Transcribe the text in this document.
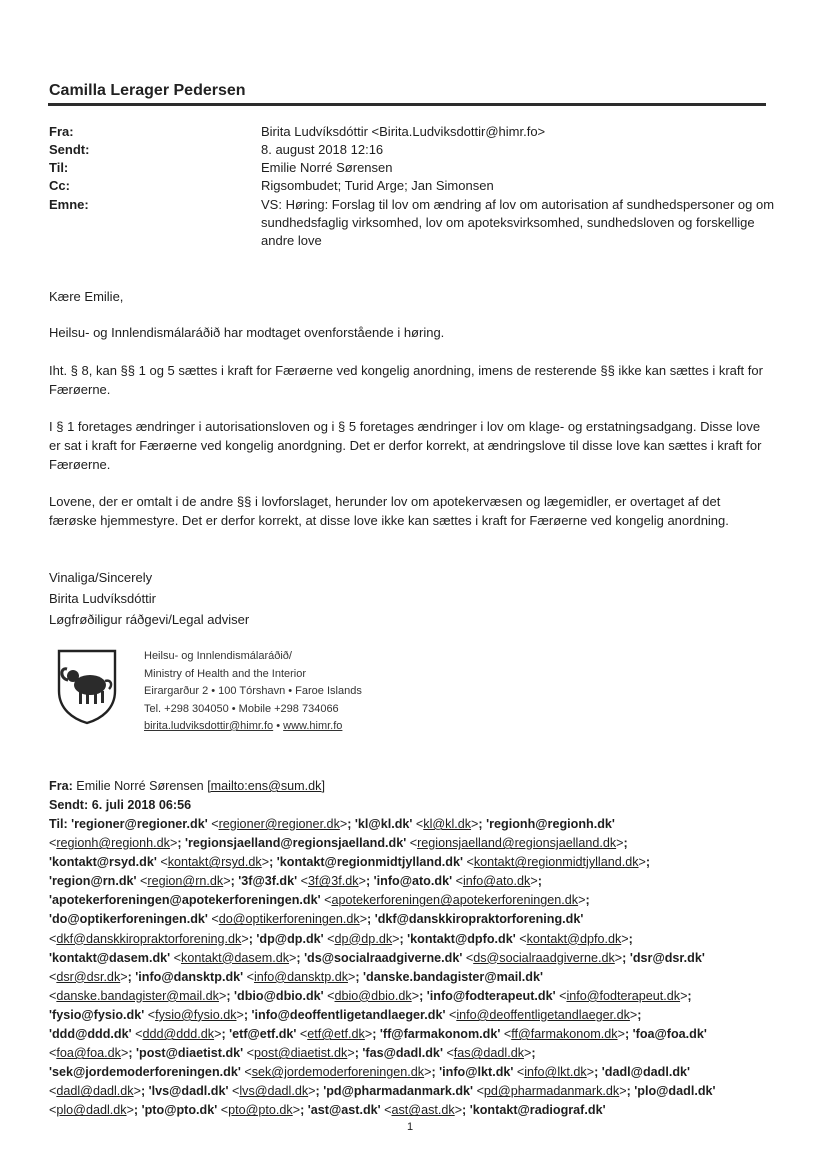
Camilla Lerager Pedersen
Fra:	Birita Ludvíksdóttir <Birita.Ludviksdottir@himr.fo>
Sendt:	8. august 2018 12:16
Til:	Emilie Norré Sørensen
Cc:	Rigsombudet; Turid Arge; Jan Simonsen
Emne:	VS: Høring: Forslag til lov om ændring af lov om autorisation af sundhedspersoner og om sundhedsfaglig virksomhed, lov om apoteksvirksomhed, sundhedsloven og forskellige andre love
Kære Emilie,
Heilsu- og Innlendismálaráðið har modtaget ovenforstående i høring.
Iht. § 8, kan §§ 1 og 5 sættes i kraft for Færøerne ved kongelig anordning, imens de resterende §§ ikke kan sættes i kraft for Færøerne.
I § 1 foretages ændringer i autorisationsloven og i § 5 foretages ændringer i lov om klage- og erstatningsadgang. Disse love er sat i kraft for Færøerne ved kongelig anordgning. Det er derfor korrekt, at ændringslove til disse love kan sættes i kraft for Færøerne.
Lovene, der er omtalt i de andre §§ i lovforslaget, herunder lov om apotekervæsen og lægemidler, er overtaget af det færøske hjemmestyre. Det er derfor korrekt, at disse love ikke kan sættes i kraft for Færøerne ved kongelig anordning.
Vinaliga/Sincerely
Birita Ludvíksdóttir
Løgfrøðiligur ráðgevi/Legal adviser
Heilsu- og Innlendismálaráðið/
Ministry of Health and the Interior
Eirargarður 2 • 100 Tórshavn • Faroe Islands
Tel. +298 304050 • Mobile +298 734066
birita.ludviksdottir@himr.fo • www.himr.fo
Fra: Emilie Norré Sørensen [mailto:ens@sum.dk]
Sendt: 6. juli 2018 06:56
Til: 'regioner@regioner.dk' <regioner@regioner.dk>; 'kl@kl.dk' <kl@kl.dk>; 'regionh@regionh.dk'
<regionh@regionh.dk>; 'regionsjaelland@regionsjaelland.dk' <regionsjaelland@regionsjaelland.dk>;
'kontakt@rsyd.dk' <kontakt@rsyd.dk>; 'kontakt@regionmidtjylland.dk' <kontakt@regionmidtjylland.dk>;
'region@rn.dk' <region@rn.dk>; '3f@3f.dk' <3f@3f.dk>; 'info@ato.dk' <info@ato.dk>;
'apotekerforeningen@apotekerforeningen.dk' <apotekerforeningen@apotekerforeningen.dk>;
'do@optikerforeningen.dk' <do@optikerforeningen.dk>; 'dkf@danskkiropraktorforening.dk'
<dkf@danskkiropraktorforening.dk>; 'dp@dp.dk' <dp@dp.dk>; 'kontakt@dpfo.dk' <kontakt@dpfo.dk>;
'kontakt@dasem.dk' <kontakt@dasem.dk>; 'ds@socialraadgiverne.dk' <ds@socialraadgiverne.dk>; 'dsr@dsr.dk'
<dsr@dsr.dk>; 'info@dansktp.dk' <info@dansktp.dk>; 'danske.bandagister@mail.dk'
<danske.bandagister@mail.dk>; 'dbio@dbio.dk' <dbio@dbio.dk>; 'info@fodterapeut.dk' <info@fodterapeut.dk>;
'fysio@fysio.dk' <fysio@fysio.dk>; 'info@deoffentligetandlaeger.dk' <info@deoffentligetandlaeger.dk>;
'ddd@ddd.dk' <ddd@ddd.dk>; 'etf@etf.dk' <etf@etf.dk>; 'ff@farmakonom.dk' <ff@farmakonom.dk>; 'foa@foa.dk'
<foa@foa.dk>; 'post@diaetist.dk' <post@diaetist.dk>; 'fas@dadl.dk' <fas@dadl.dk>;
'sek@jordemoderforeningen.dk' <sek@jordemoderforeningen.dk>; 'info@lkt.dk' <info@lkt.dk>; 'dadl@dadl.dk'
<dadl@dadl.dk>; 'lvs@dadl.dk' <lvs@dadl.dk>; 'pd@pharmadanmark.dk' <pd@pharmadanmark.dk>; 'plo@dadl.dk'
<plo@dadl.dk>; 'pto@pto.dk' <pto@pto.dk>; 'ast@ast.dk' <ast@ast.dk>; 'kontakt@radiograf.dk'
1
